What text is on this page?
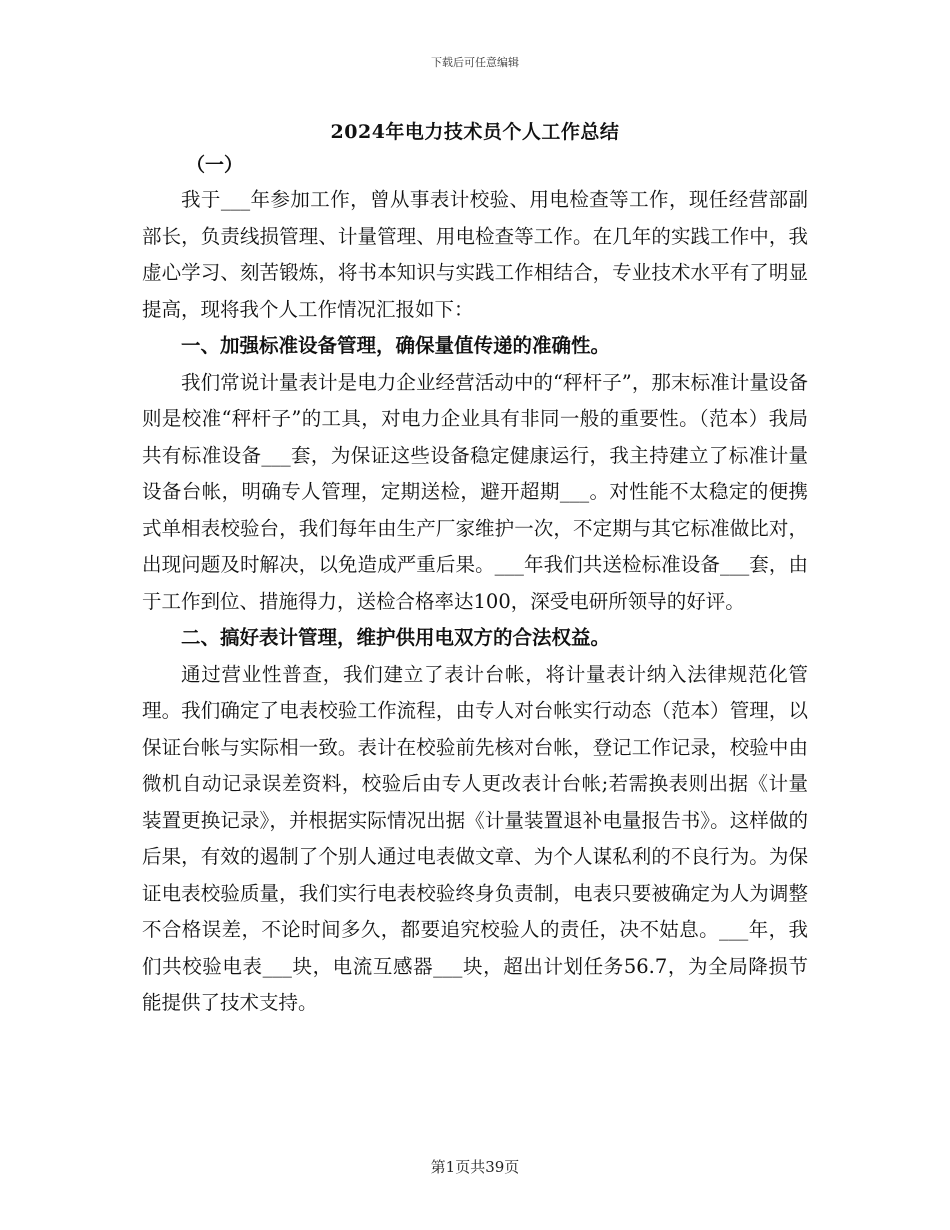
下载后可任意编辑
2024年电力技术员个人工作总结
（一）

我于___年参加工作，曾从事表计校验、用电检查等工作，现任经营部副部长，负责线损管理、计量管理、用电检查等工作。在几年的实践工作中，我虚心学习、刻苦锻炼，将书本知识与实践工作相结合，专业技术水平有了明显提高，现将我个人工作情况汇报如下：

一、加强标准设备管理，确保量值传递的准确性。

我们常说计量表计是电力企业经营活动中的“秤杆子”，那末标准计量设备则是校准“秤杆子”的工具，对电力企业具有非同一般的重要性。（范本）我局共有标准设备___套，为保证这些设备稳定健康运行，我主持建立了标准计量设备台帐，明确专人管理，定期送检，避开超期___。对性能不太稳定的便携式单相表校验台，我们每年由生产厂家维护一次，不定期与其它标准做比对，出现问题及时解决，以免造成严重后果。___年我们共送检标准设备___套，由于工作到位、措施得力，送检合格率达100，深受电研所领导的好评。

二、搞好表计管理，维护供用电双方的合法权益。

通过营业性普查，我们建立了表计台帐，将计量表计纳入法律规范化管理。我们确定了电表校验工作流程，由专人对台帐实行动态（范本）管理，以保证台帐与实际相一致。表计在校验前先核对台帐，登记工作记录，校验中由微机自动记录误差资料，校验后由专人更改表计台帐;若需换表则出据《计量装置更换记录》，并根据实际情况出据《计量装置退补电量报告书》。这样做的后果，有效的遏制了个别人通过电表做文章、为个人谋私利的不良行为。为保证电表校验质量，我们实行电表校验终身负责制，电表只要被确定为人为调整不合格误差，不论时间多久，都要追究校验人的责任，决不姑息。___年，我们共校验电表___块，电流互感器___块，超出计划任务56.7，为全局降损节能提供了技术支持。

第1页共39页
